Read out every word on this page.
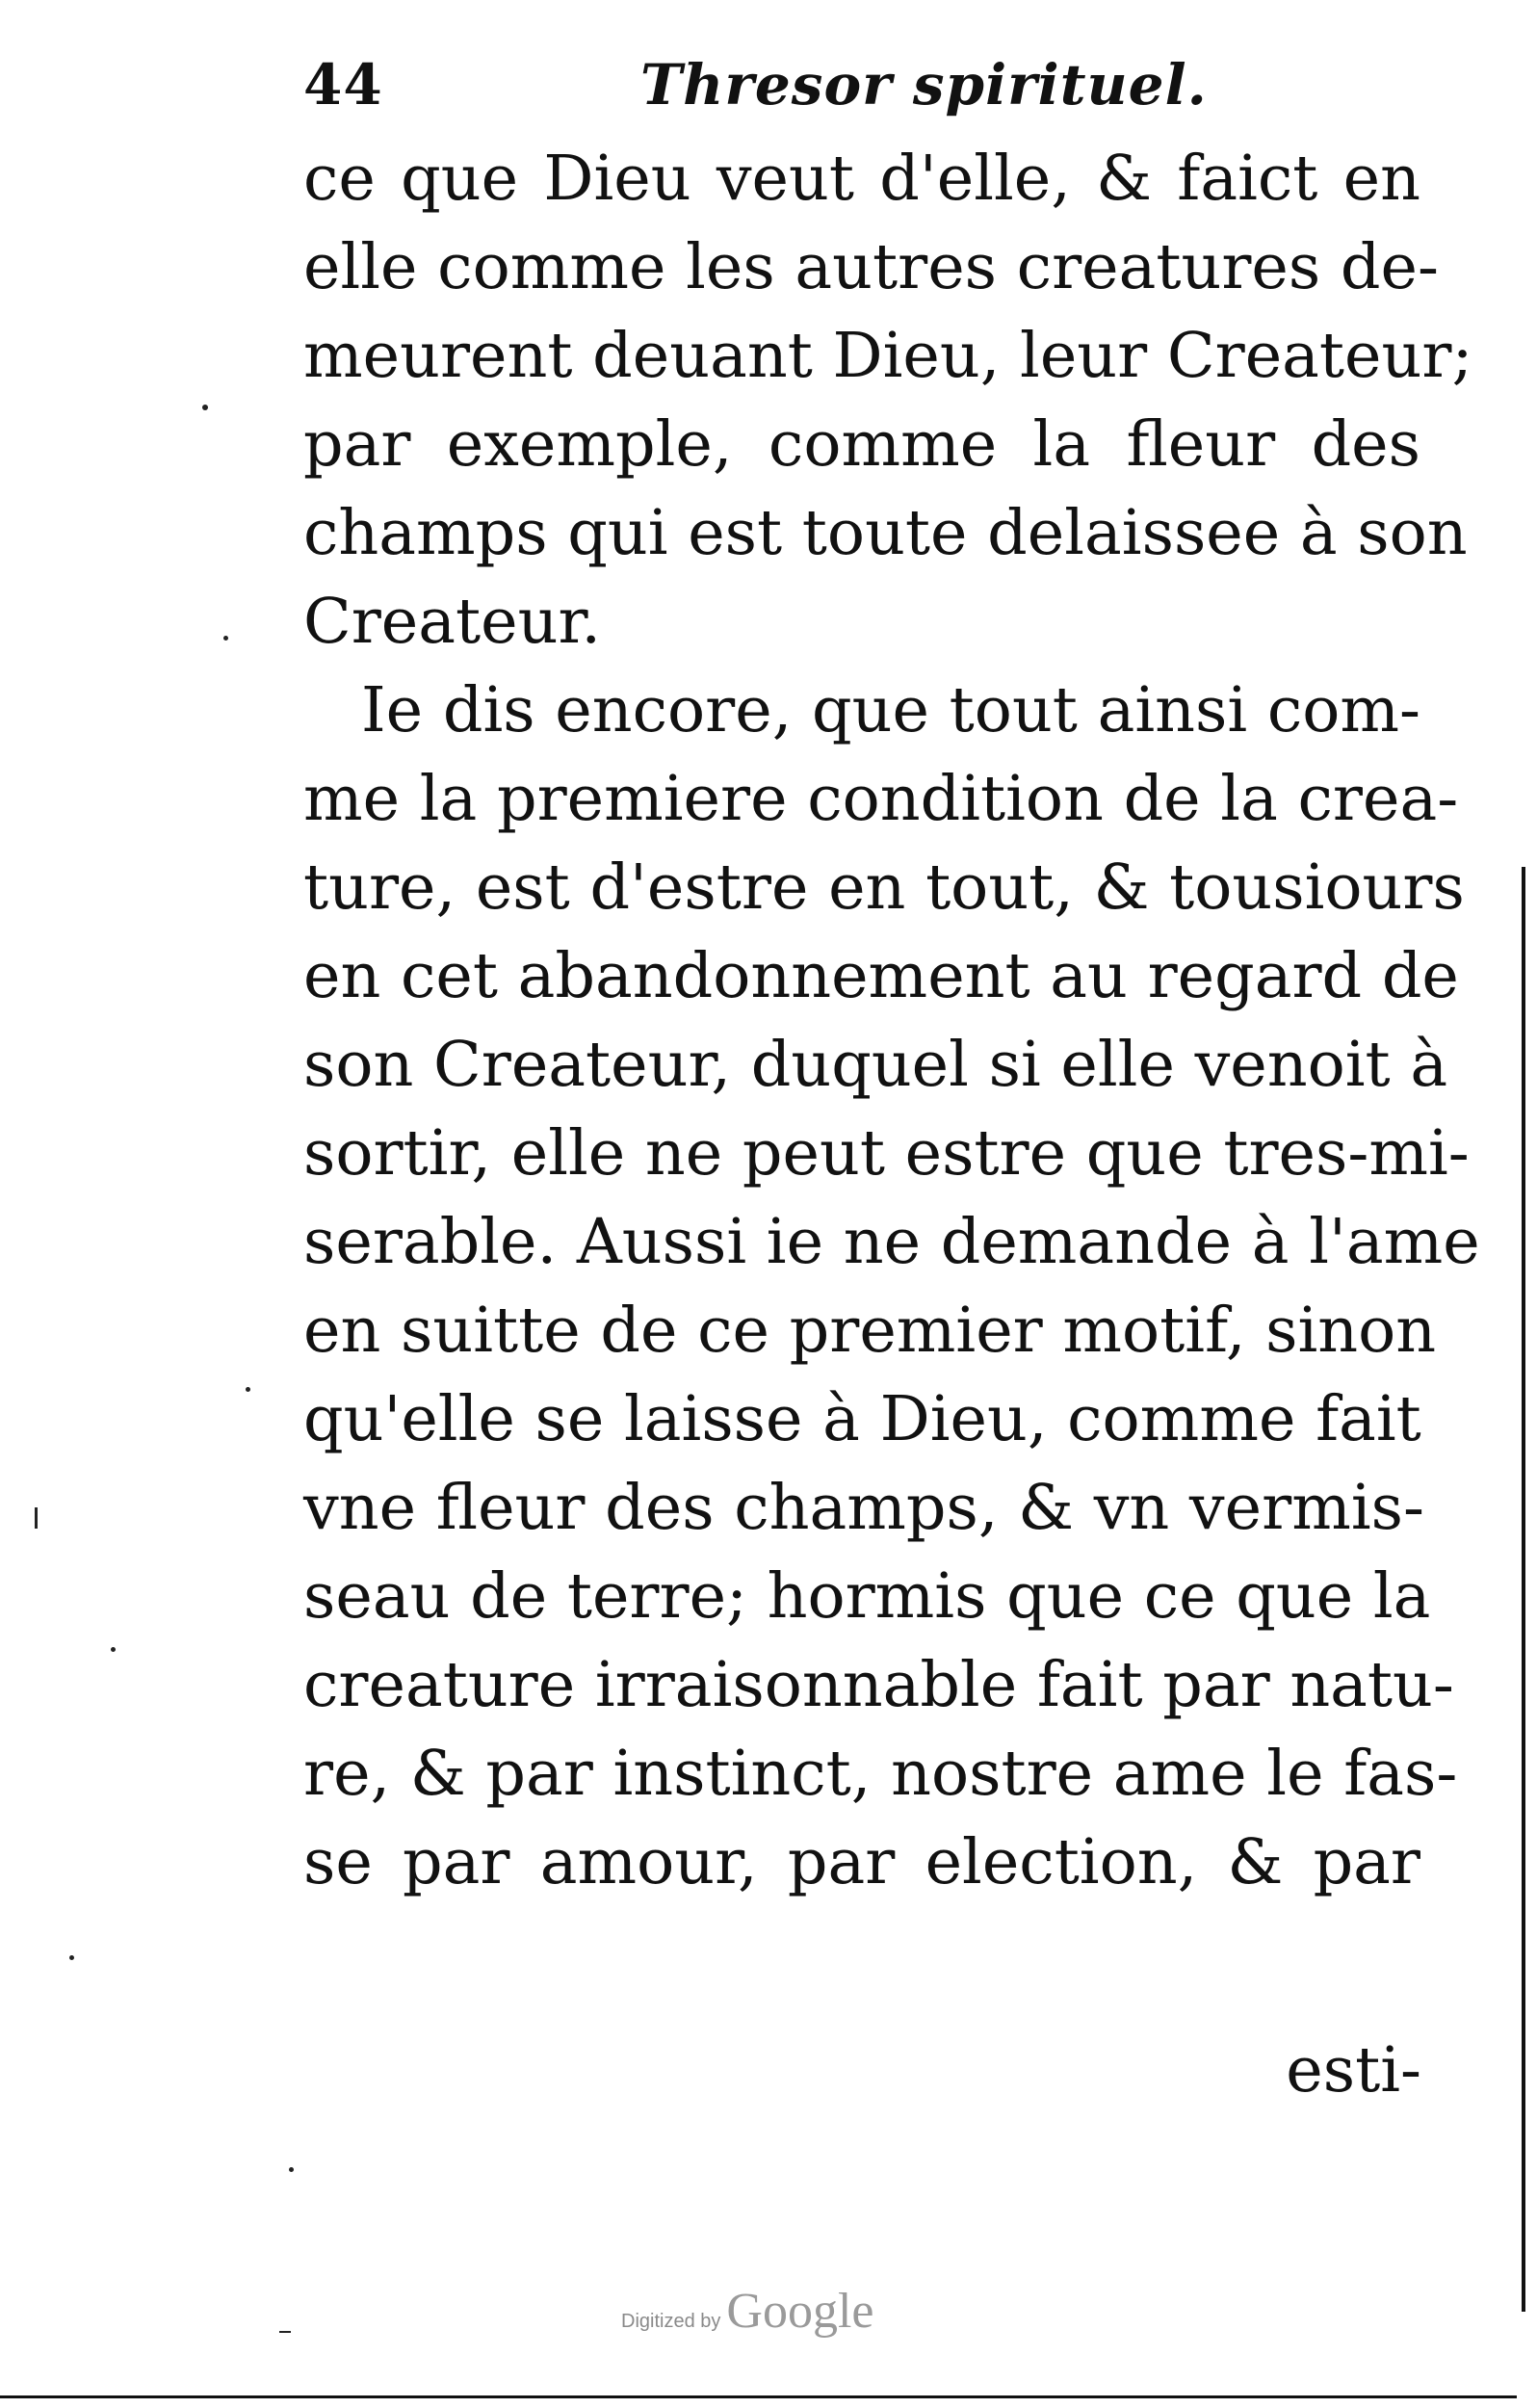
44	Thresor spirituel.
ce que Dieu veut d'elle, & faict en
elle comme les autres creatures de-
meurent deuant Dieu, leur Createur;
par exemple, comme la fleur des
champs qui est toute delaissee à son
Createur.
Ie dis encore, que tout ainsi com-
me la premiere condition de la crea-
ture, est d'estre en tout, & tousiours
en cet abandonnement au regard de
son Createur, duquel si elle venoit à
sortir, elle ne peut estre que tres-mi-
serable. Aussi ie ne demande à l'ame
en suitte de ce premier motif, sinon
qu'elle se laisse à Dieu, comme fait
vne fleur des champs, & vn vermis-
seau de terre; hormis que ce que la
creature irraisonnable fait par natu-
re, & par instinct, nostre ame le fas-
se par amour, par election, & par
esti-
Digitized by Google
